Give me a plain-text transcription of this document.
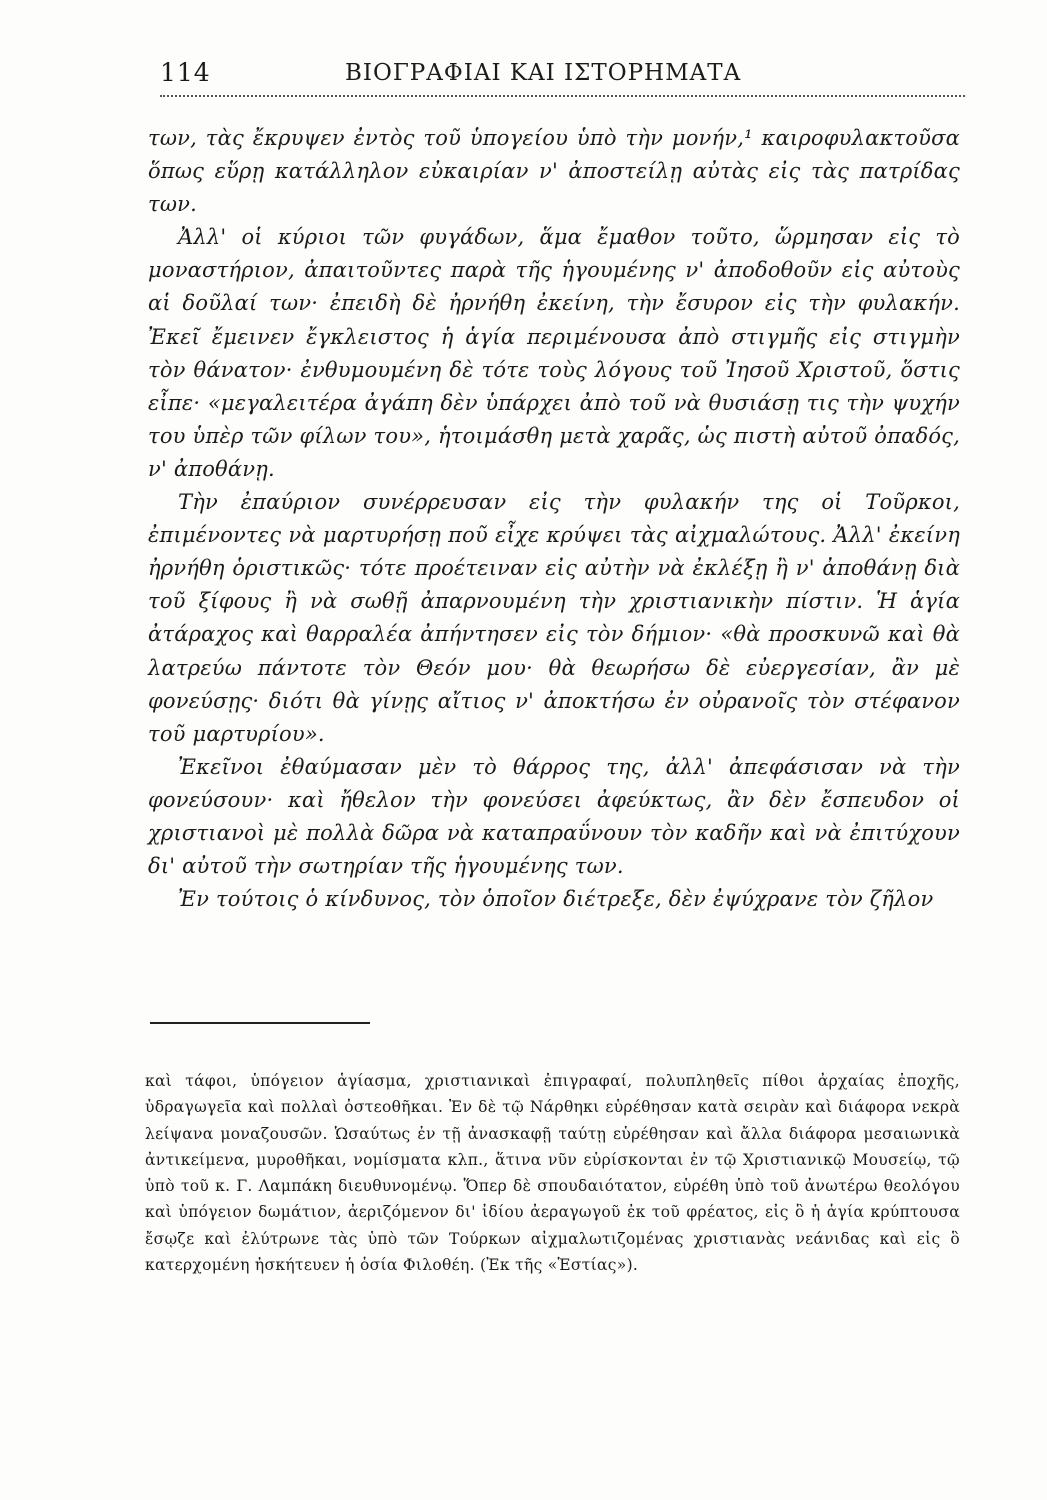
114	ΒΙΟΓΡΑΦΙΑΙ ΚΑΙ ΙΣΤΟΡΗΜΑΤΑ

των, τὰς ἔκρυψεν ἐντὸς τοῦ ὑπογείου ὑπὸ τὴν μονήν,¹ καιροφυλακτοῦσα ὅπως εὕρῃ κατάλληλον εὐκαιρίαν ν' ἀποστείλῃ αὐτὰς εἰς τὰς πατρίδας των.

Ἀλλ' οἱ κύριοι τῶν φυγάδων, ἅμα ἔμαθον τοῦτο, ὥρμησαν εἰς τὸ μοναστήριον, ἀπαιτοῦντες παρὰ τῆς ἡγουμένης ν' ἀποδοθοῦν εἰς αὐτοὺς αἱ δοῦλαί των· ἐπειδὴ δὲ ἠρνήθη ἐκείνη, τὴν ἔσυρον εἰς τὴν φυλακήν. Ἐκεῖ ἔμεινεν ἔγκλειστος ἡ ἁγία περιμένουσα ἀπὸ στιγμῆς εἰς στιγμὴν τὸν θάνατον· ἐνθυμουμένη δὲ τότε τοὺς λόγους τοῦ Ἰησοῦ Χριστοῦ, ὅστις εἶπε· «μεγαλειτέρα ἀγάπη δὲν ὑπάρχει ἀπὸ τοῦ νὰ θυσιάσῃ τις τὴν ψυχήν του ὑπὲρ τῶν φίλων του», ἡτοιμάσθη μετὰ χαρᾶς, ὡς πιστὴ αὐτοῦ ὀπαδός, ν' ἀποθάνῃ.

Τὴν ἐπαύριον συνέρρευσαν εἰς τὴν φυλακήν της οἱ Τοῦρκοι, ἐπιμένοντες νὰ μαρτυρήσῃ ποῦ εἶχε κρύψει τὰς αἰχμαλώτους. Ἀλλ' ἐκείνη ἠρνήθη ὁριστικῶς· τότε προέτειναν εἰς αὐτὴν νὰ ἐκλέξῃ ἢ ν' ἀποθάνῃ διὰ τοῦ ξίφους ἢ νὰ σωθῇ ἀπαρνουμένη τὴν χριστιανικὴν πίστιν. Ἡ ἁγία ἀτάραχος καὶ θαρραλέα ἀπήντησεν εἰς τὸν δήμιον· «θὰ προσκυνῶ καὶ θὰ λατρεύω πάντοτε τὸν Θεόν μου· θὰ θεωρήσω δὲ εὐεργεσίαν, ἂν μὲ φονεύσῃς· διότι θὰ γίνῃς αἴτιος ν' ἀποκτήσω ἐν οὐρανοῖς τὸν στέφανον τοῦ μαρτυρίου».

Ἐκεῖνοι ἐθαύμασαν μὲν τὸ θάρρος της, ἀλλ' ἀπεφάσισαν νὰ τὴν φονεύσουν· καὶ ἤθελον τὴν φονεύσει ἀφεύκτως, ἂν δὲν ἔσπευδον οἱ χριστιανοὶ μὲ πολλὰ δῶρα νὰ καταπραΰνουν τὸν καδῆν καὶ νὰ ἐπιτύχουν δι' αὐτοῦ τὴν σωτηρίαν τῆς ἡγουμένης των.

Ἐν τούτοις ὁ κίνδυνος, τὸν ὁποῖον διέτρεξε, δὲν ἐψύχρανε τὸν ζῆλον

καὶ τάφοι, ὑπόγειον ἁγίασμα, χριστιανικαὶ ἐπιγραφαί, πολυπληθεῖς πίθοι ἀρχαίας ἐποχῆς, ὑδραγωγεῖα καὶ πολλαὶ ὀστεοθῆκαι. Ἐν δὲ τῷ Νάρθηκι εὑρέθησαν κατὰ σειρὰν καὶ διάφορα νεκρὰ λείψανα μοναζουσῶν. Ὡσαύτως ἐν τῇ ἀνασκαφῇ ταύτῃ εὑρέθησαν καὶ ἄλλα διάφορα μεσαιωνικὰ ἀντικείμενα, μυροθῆκαι, νομίσματα κλπ., ἅτινα νῦν εὑρίσκονται ἐν τῷ Χριστιανικῷ Μουσείῳ, τῷ ὑπὸ τοῦ κ. Γ. Λαμπάκη διευθυνομένῳ. Ὅπερ δὲ σπουδαιότατον, εὑρέθη ὑπὸ τοῦ ἀνωτέρω θεολόγου καὶ ὑπόγειον δωμάτιον, ἀεριζόμενον δι' ἰδίου ἀεραγωγοῦ ἐκ τοῦ φρέατος, εἰς ὃ ἡ ἁγία κρύπτουσα ἔσῳζε καὶ ἐλύτρωνε τὰς ὑπὸ τῶν Τούρκων αἰχμαλωτιζομένας χριστιανὰς νεάνιδας καὶ εἰς ὃ κατερχομένη ἠσκήτευεν ἡ ὁσία Φιλοθέη. (Ἐκ τῆς «Ἑστίας»).
